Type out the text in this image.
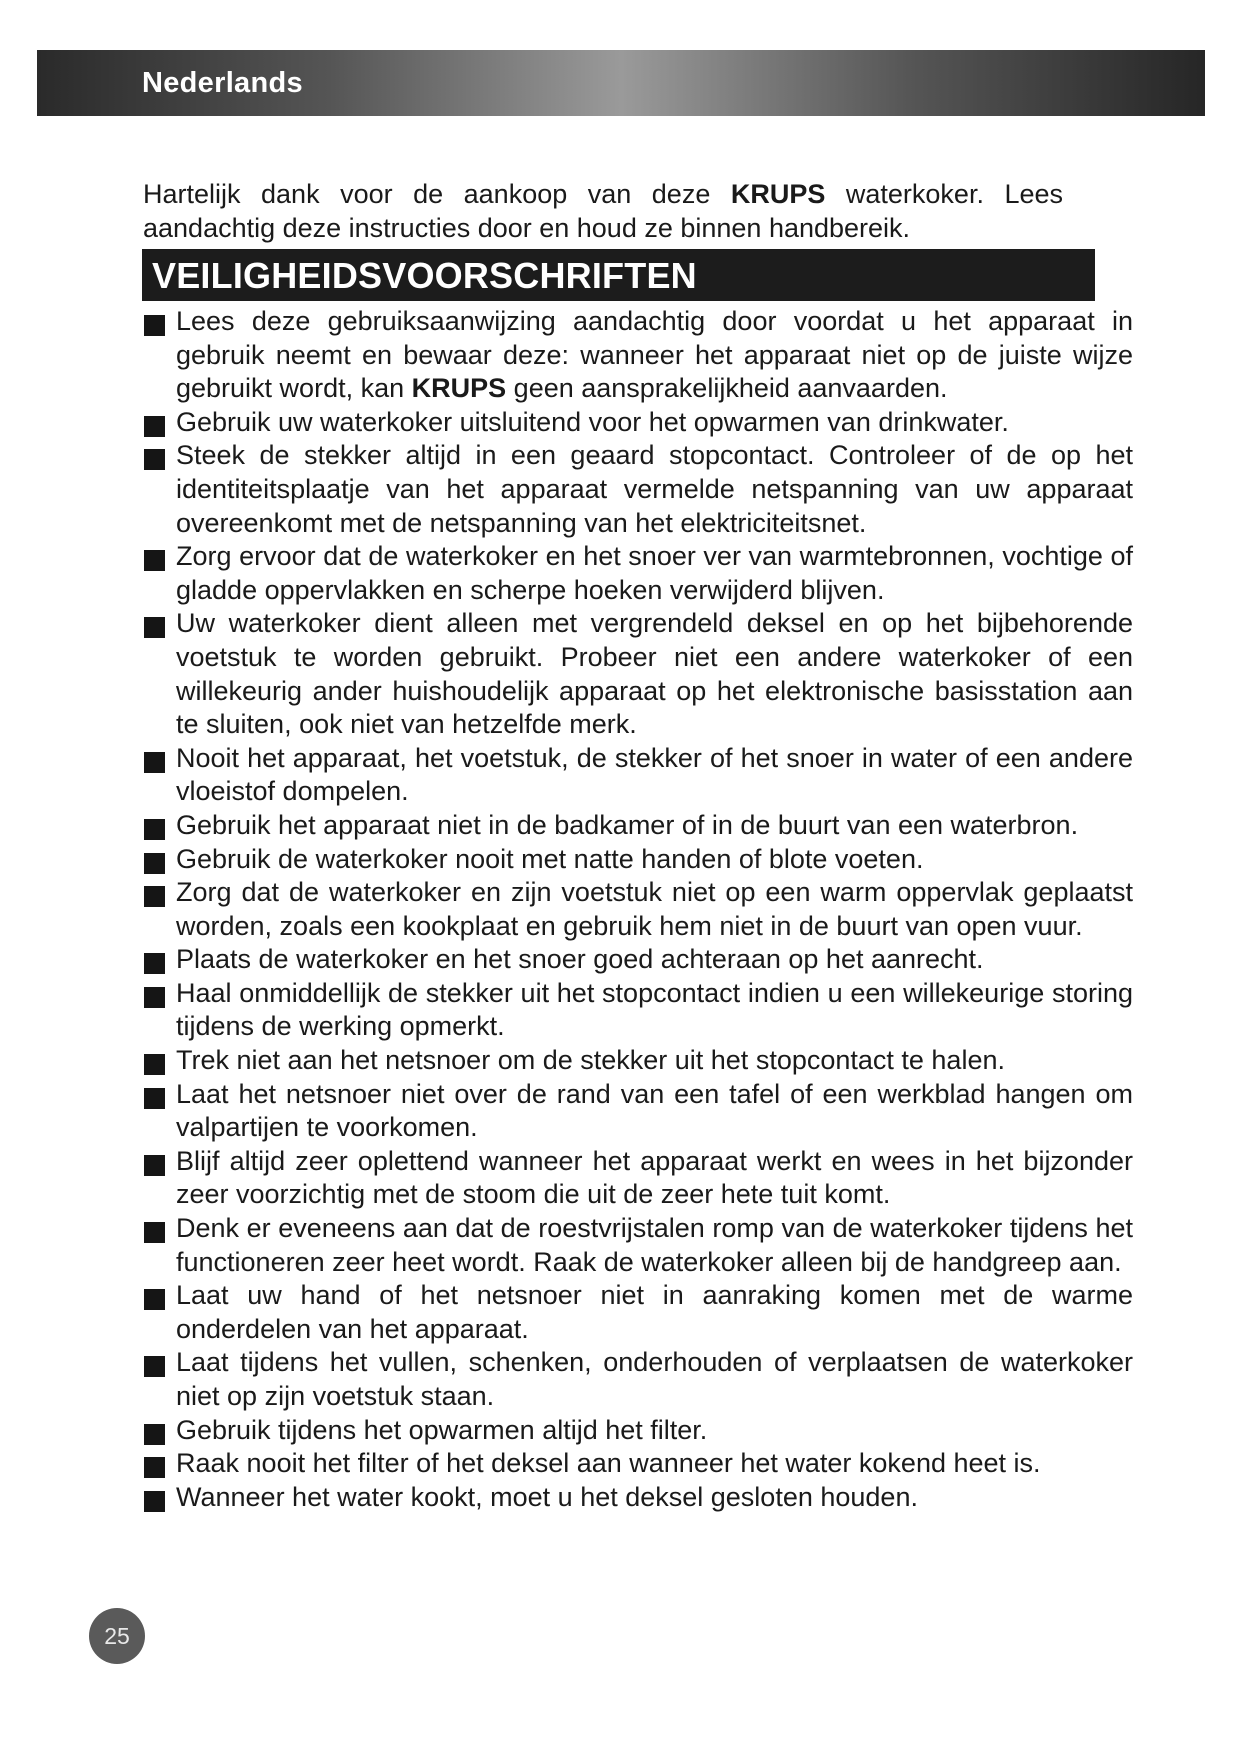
Nederlands

Hartelijk dank voor de aankoop van deze KRUPS waterkoker. Lees aandachtig deze instructies door en houd ze binnen handbereik.

VEILIGHEIDSVOORSCHRIFTEN
Lees deze gebruiksaanwijzing aandachtig door voordat u het apparaat in gebruik neemt en bewaar deze: wanneer het apparaat niet op de juiste wijze gebruikt wordt, kan KRUPS geen aansprakelijkheid aanvaarden.
Gebruik uw waterkoker uitsluitend voor het opwarmen van drinkwater.
Steek de stekker altijd in een geaard stopcontact. Controleer of de op het identiteitsplaatje van het apparaat vermelde netspanning van uw apparaat overeenkomt met de netspanning van het elektriciteitsnet.
Zorg ervoor dat de waterkoker en het snoer ver van warmtebronnen, vochtige of gladde oppervlakken en scherpe hoeken verwijderd blijven.
Uw waterkoker dient alleen met vergrendeld deksel en op het bijbehorende voetstuk te worden gebruikt. Probeer niet een andere waterkoker of een willekeurig ander huishoudelijk apparaat op het elektronische basisstation aan te sluiten, ook niet van hetzelfde merk.
Nooit het apparaat, het voetstuk, de stekker of het snoer in water of een andere vloeistof dompelen.
Gebruik het apparaat niet in de badkamer of in de buurt van een waterbron.
Gebruik de waterkoker nooit met natte handen of blote voeten.
Zorg dat de waterkoker en zijn voetstuk niet op een warm oppervlak geplaatst worden, zoals een kookplaat en gebruik hem niet in de buurt van open vuur.
Plaats de waterkoker en het snoer goed achteraan op het aanrecht.
Haal onmiddellijk de stekker uit het stopcontact indien u een willekeurige storing tijdens de werking opmerkt.
Trek niet aan het netsnoer om de stekker uit het stopcontact te halen.
Laat het netsnoer niet over de rand van een tafel of een werkblad hangen om valpartijen te voorkomen.
Blijf altijd zeer oplettend wanneer het apparaat werkt en wees in het bijzonder zeer voorzichtig met de stoom die uit de zeer hete tuit komt.
Denk er eveneens aan dat de roestvrijstalen romp van de waterkoker tijdens het functioneren zeer heet wordt. Raak de waterkoker alleen bij de handgreep aan.
Laat uw hand of het netsnoer niet in aanraking komen met de warme onderdelen van het apparaat.
Laat tijdens het vullen, schenken, onderhouden of verplaatsen de waterkoker niet op zijn voetstuk staan.
Gebruik tijdens het opwarmen altijd het filter.
Raak nooit het filter of het deksel aan wanneer het water kokend heet is.
Wanneer het water kookt, moet u het deksel gesloten houden.
25
